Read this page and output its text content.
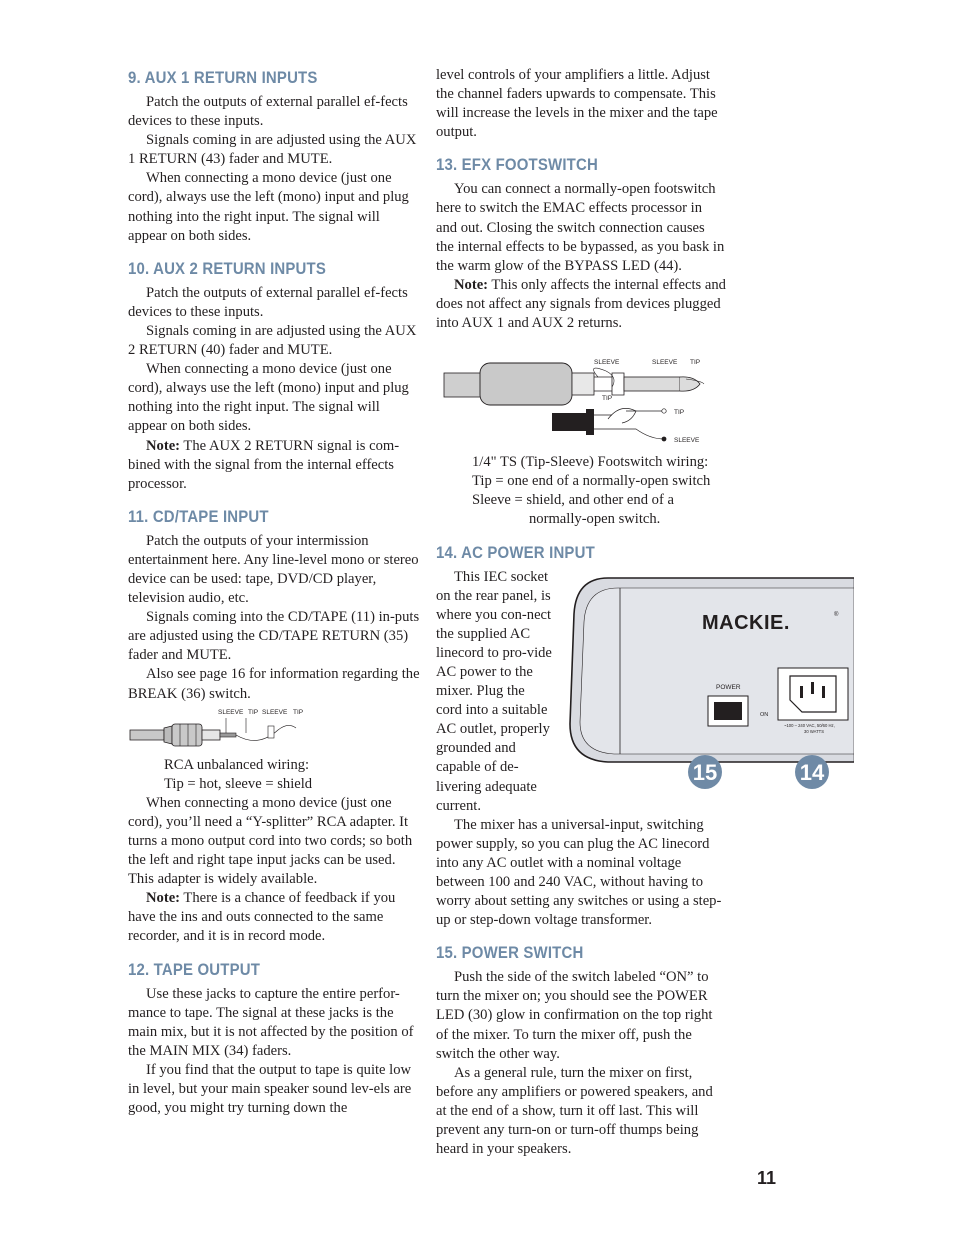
9. AUX 1 RETURN INPUTS

Patch the outputs of external parallel ef-fects devices to these inputs.

Signals coming in are adjusted using the AUX 1 RETURN (43) fader and MUTE.

When connecting a mono device (just one cord), always use the left (mono) input and plug nothing into the right input. The signal will appear on both sides.

10. AUX 2 RETURN INPUTS

Patch the outputs of external parallel ef-fects devices to these inputs.

Signals coming in are adjusted using the AUX 2 RETURN (40) fader and MUTE.

When connecting a mono device (just one cord), always use the left (mono) input and plug nothing into the right input. The signal will appear on both sides.

Note: The AUX 2 RETURN signal is com-bined with the signal from the internal effects processor.

11. CD/TAPE INPUT

Patch the outputs of your intermission entertainment here. Any line-level mono or stereo device can be used: tape, DVD/CD player, television audio, etc.

Signals coming into the CD/TAPE (11) in-puts are adjusted using the CD/TAPE RETURN (35) fader and MUTE.

Also see page 16 for information regarding the BREAK (36) switch.

SLEEVE TIP SLEEVE TIP
RCA unbalanced wiring:
Tip = hot, sleeve = shield

When connecting a mono device (just one cord), you’ll need a “Y-splitter” RCA adapter. It turns a mono output cord into two cords; so both the left and right tape input jacks can be used. This adapter is widely available.

Note: There is a chance of feedback if you have the ins and outs connected to the same recorder, and it is in record mode.

12. TAPE OUTPUT

Use these jacks to capture the entire perfor-mance to tape. The signal at these jacks is the main mix, but it is not affected by the position of the MAIN MIX (34) faders.

If you find that the output to tape is quite low in level, but your main speaker sound lev-els are good, you might try turning down the

level controls of your amplifiers a little. Adjust the channel faders upwards to compensate. This will increase the levels in the mixer and the tape output.

13. EFX FOOTSWITCH

You can connect a normally-open footswitch here to switch the EMAC effects processor in and out. Closing the switch connection causes the internal effects to be bypassed, as you bask in the warm glow of the BYPASS LED (44).

Note: This only affects the internal effects and does not affect any signals from devices plugged into AUX 1 and AUX 2 returns.

SLEEVE	SLEEVE TIP
TIP
TIP
SLEEVE
1/4" TS (Tip-Sleeve) Footswitch wiring:
Tip = one end of a normally-open switch
Sleeve = shield, and other end of a
normally-open switch.
14. AC POWER INPUT

This IEC socket on the rear panel, is where you con-nect the supplied AC linecord to pro-vide AC power to the mixer. Plug the cord into a suitable AC outlet, properly grounded and capable of de-livering adequate current.

The mixer has a universal-input, switching power supply, so you can plug the AC linecord into any AC outlet with a nominal voltage between 100 and 240 VAC, without having to worry about setting any switches or using a step-up or step-down voltage transformer.

15. POWER SWITCH

Push the side of the switch labeled “ON” to turn the mixer on; you should see the POWER LED (30) glow in confirmation on the top right of the mixer. To turn the mixer off, push the switch the other way.

As a general rule, turn the mixer on first, before any amplifiers or powered speakers, and at the end of a show, turn it off last. This will prevent any turn-on or turn-off thumps being heard in your speakers.

MACKIE.	®
POWER
ON
~100 – 240 VAC, 50/60 Hz,
30 WATTS
15	14
11
